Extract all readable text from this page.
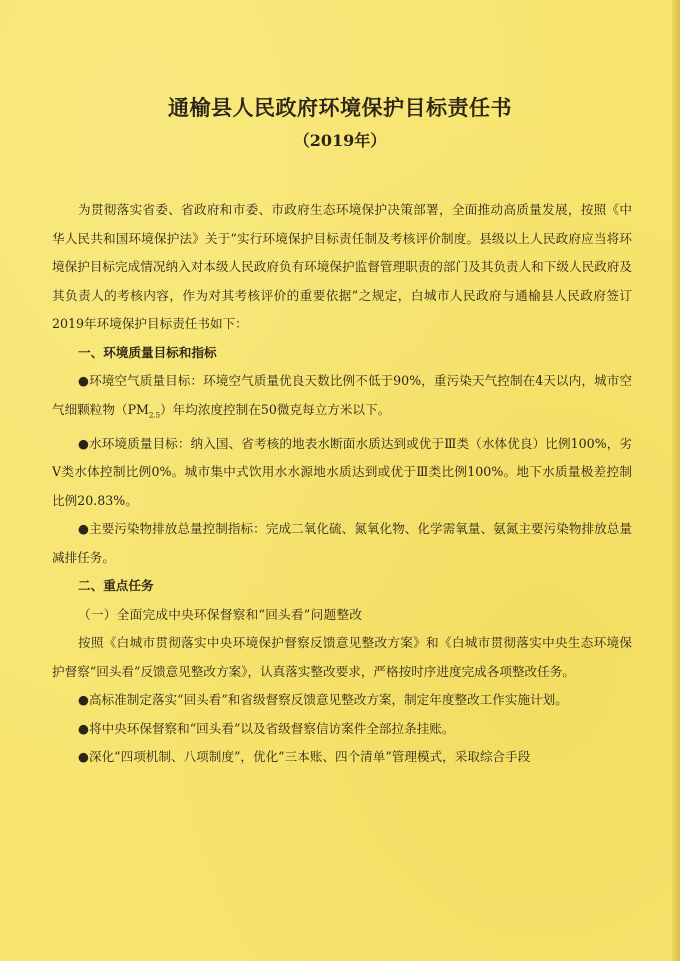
通榆县人民政府环境保护目标责任书
（2019年）

为贯彻落实省委、省政府和市委、市政府生态环境保护决策部署，全面推动高质量发展，按照《中华人民共和国环境保护法》关于“实行环境保护目标责任制及考核评价制度。县级以上人民政府应当将环境保护目标完成情况纳入对本级人民政府负有环境保护监督管理职责的部门及其负责人和下级人民政府及其负责人的考核内容，作为对其考核评价的重要依据”之规定，白城市人民政府与通榆县人民政府签订2019年环境保护目标责任书如下：

一、环境质量目标和指标

●环境空气质量目标：环境空气质量优良天数比例不低于90%，重污染天气控制在4天以内，城市空气细颗粒物$(PM_{2.5})$年均浓度控制在50微克每立方米以下。

●水环境质量目标：纳入国、省考核的地表水断面水质达到或优于Ⅲ类（水体优良）比例100%，劣Ⅴ类水体控制比例0%。城市集中式饮用水水源地水质达到或优于Ⅲ类比例100%。地下水质量极差控制比例20.83%。

●主要污染物排放总量控制指标：完成二氧化硫、氮氧化物、化学需氧量、氨氮主要污染物排放总量减排任务。

二、重点任务

（一）全面完成中央环保督察和“回头看”问题整改

按照《白城市贯彻落实中央环境保护督察反馈意见整改方案》和《白城市贯彻落实中央生态环境保护督察“回头看”反馈意见整改方案》，认真落实整改要求，严格按时序进度完成各项整改任务。

●高标准制定落实“回头看”和省级督察反馈意见整改方案，制定年度整改工作实施计划。

●将中央环保督察和“回头看”以及省级督察信访案件全部拉条挂账。

●深化“四项机制、八项制度”，优化“三本账、四个清单”管理模式，采取综合手段
